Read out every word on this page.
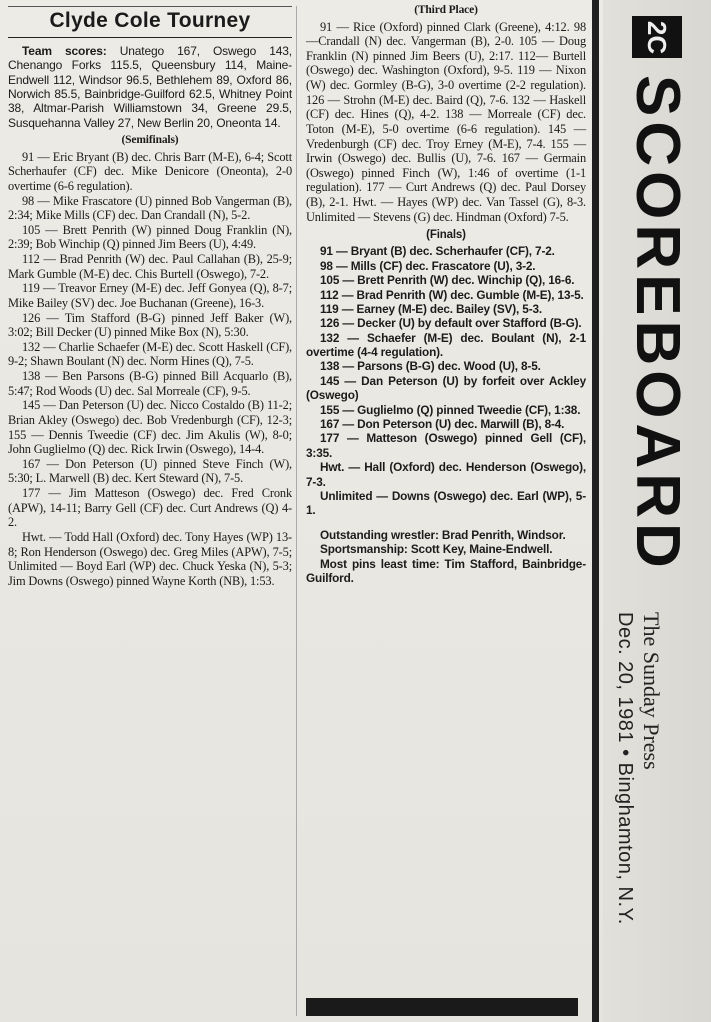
Clyde Cole Tourney

Team scores: Unatego 167, Oswego 143, Chenango Forks 115.5, Queensbury 114, Maine-Endwell 112, Windsor 96.5, Bethlehem 89, Oxford 86, Norwich 85.5, Bainbridge-Guilford 62.5, Whitney Point 38, Altmar-Parish Williamstown 34, Greene 29.5, Susquehanna Valley 27, New Berlin 20, Oneonta 14.

(Semifinals)

91 — Eric Bryant (B) dec. Chris Barr (M-E), 6-4; Scott Scherhaufer (CF) dec. Mike Denicore (Oneonta), 2-0 overtime (6-6 regulation).

98 — Mike Frascatore (U) pinned Bob Vangerman (B), 2:34; Mike Mills (CF) dec. Dan Crandall (N), 5-2.

105 — Brett Penrith (W) pinned Doug Franklin (N), 2:39; Bob Winchip (Q) pinned Jim Beers (U), 4:49.

112 — Brad Penrith (W) dec. Paul Callahan (B), 25-9; Mark Gumble (M-E) dec. Chis Burtell (Oswego), 7-2.

119 — Treavor Erney (M-E) dec. Jeff Gonyea (Q), 8-7; Mike Bailey (SV) dec. Joe Buchanan (Greene), 16-3.

126 — Tim Stafford (B-G) pinned Jeff Baker (W), 3:02; Bill Decker (U) pinned Mike Box (N), 5:30.

132 — Charlie Schaefer (M-E) dec. Scott Haskell (CF), 9-2; Shawn Boulant (N) dec. Norm Hines (Q), 7-5.

138 — Ben Parsons (B-G) pinned Bill Acquarlo (B), 5:47; Rod Woods (U) dec. Sal Morreale (CF), 9-5.

145 — Dan Peterson (U) dec. Nicco Costaldo (B) 11-2; Brian Akley (Oswego) dec. Bob Vredenburgh (CF), 12-3; 155 — Dennis Tweedie (CF) dec. Jim Akulis (W), 8-0; John Guglielmo (Q) dec. Rick Irwin (Oswego), 14-4.

167 — Don Peterson (U) pinned Steve Finch (W), 5:30; L. Marwell (B) dec. Kert Steward (N), 7-5.

177 — Jim Matteson (Oswego) dec. Fred Cronk (APW), 14-11; Barry Gell (CF) dec. Curt Andrews (Q) 4-2.

Hwt. — Todd Hall (Oxford) dec. Tony Hayes (WP) 13-8; Ron Henderson (Oswego) dec. Greg Miles (APW), 7-5; Unlimited — Boyd Earl (WP) dec. Chuck Yeska (N), 5-3; Jim Downs (Oswego) pinned Wayne Korth (NB), 1:53.

(Third Place)

91 — Rice (Oxford) pinned Clark (Greene), 4:12. 98—Crandall (N) dec. Vangerman (B), 2-0. 105 — Doug Franklin (N) pinned Jim Beers (U), 2:17. 112— Burtell (Oswego) dec. Washington (Oxford), 9-5. 119 — Nixon (W) dec. Gormley (B-G), 3-0 overtime (2-2 regulation). 126 — Strohn (M-E) dec. Baird (Q), 7-6. 132 — Haskell (CF) dec. Hines (Q), 4-2. 138 — Morreale (CF) dec. Toton (M-E), 5-0 overtime (6-6 regulation). 145 — Vredenburgh (CF) dec. Troy Erney (M-E), 7-4. 155 — Irwin (Oswego) dec. Bullis (U), 7-6. 167 — Germain (Oswego) pinned Finch (W), 1:46 of overtime (1-1 regulation). 177 — Curt Andrews (Q) dec. Paul Dorsey (B), 2-1. Hwt. — Hayes (WP) dec. Van Tassel (G), 8-3. Unlimited — Stevens (G) dec. Hindman (Oxford) 7-5.

(Finals)

91 — Bryant (B) dec. Scherhaufer (CF), 7-2.

98 — Mills (CF) dec. Frascatore (U), 3-2.

105 — Brett Penrith (W) dec. Winchip (Q), 16-6.

112 — Brad Penrith (W) dec. Gumble (M-E), 13-5.

119 — Earney (M-E) dec. Bailey (SV), 5-3.

126 — Decker (U) by default over Stafford (B-G).

132 — Schaefer (M-E) dec. Boulant (N), 2-1 overtime (4-4 regulation).

138 — Parsons (B-G) dec. Wood (U), 8-5.

145 — Dan Peterson (U) by forfeit over Ackley (Oswego)

155 — Guglielmo (Q) pinned Tweedie (CF), 1:38.

167 — Don Peterson (U) dec. Marwill (B), 8-4.

177 — Matteson (Oswego) pinned Gell (CF), 3:35.

Hwt. — Hall (Oxford) dec. Henderson (Oswego), 7-3.

Unlimited — Downs (Oswego) dec. Earl (WP), 5-1.

Outstanding wrestler: Brad Penrith, Windsor.

Sportsmanship: Scott Key, Maine-Endwell.

Most pins least time: Tim Stafford, Bainbridge-Guilford.

2C
SCOREBOARD
The Sunday Press
Dec. 20, 1981 • Binghamton, N.Y.
